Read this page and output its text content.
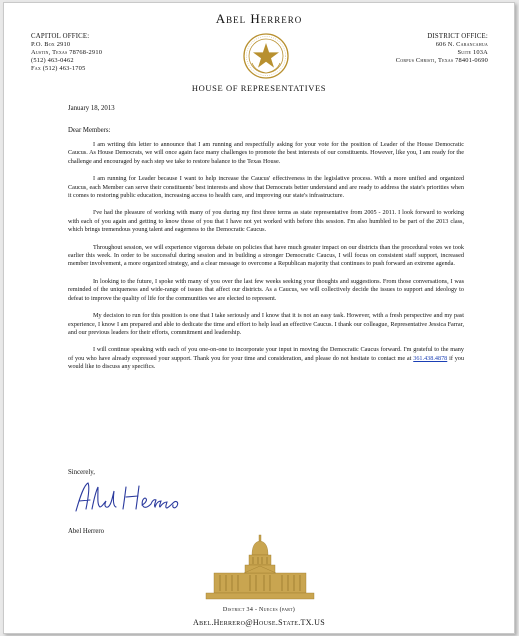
Abel Herrero
CAPITOL OFFICE:
P.O. Box 2910
Austin, Texas 78768-2910
(512) 463-0462
Fax (512) 463-1705
DISTRICT OFFICE:
606 N. Carancahua
Suite 103A
Corpus Christi, Texas 78401-0690
HOUSE OF REPRESENTATIVES
January 18, 2013
Dear Members:

I am writing this letter to announce that I am running and respectfully asking for your vote for the position of Leader of the House Democratic Caucus. As House Democrats, we will once again face many challenges to promote the best interests of our constituents. However, like you, I am ready for the challenge and encouraged by each step we take to restore balance to the Texas House.

I am running for Leader because I want to help increase the Caucus' effectiveness in the legislative process. With a more unified and organized Caucus, each Member can serve their constituents' best interests and show that Democrats better understand and are ready to address the state's priorities when it comes to restoring public education, increasing access to health care, and improving our state's infrastructure.

I've had the pleasure of working with many of you during my first three terms as state representative from 2005 - 2011. I look forward to working with each of you again and getting to know those of you that I have not yet worked with before this session. I'm also humbled to be part of the 2013 class, which brings tremendous young talent and eagerness to the Democratic Caucus.

Throughout session, we will experience vigorous debate on policies that have much greater impact on our districts than the procedural votes we took earlier this week. In order to be successful during session and in building a stronger Democratic Caucus, I will focus on consistent staff support, increased member involvement, a more organized strategy, and a clear message to overcome a Republican majority that continues to push forward an extreme agenda.

In looking to the future, I spoke with many of you over the last few weeks seeking your thoughts and suggestions. From those conversations, I was reminded of the uniqueness and wide-range of issues that affect our districts. As a Caucus, we will collectively decide the issues to support and ideology to defeat to improve the quality of life for the communities we are elected to represent.

My decision to run for this position is one that I take seriously and I know that it is not an easy task. However, with a fresh perspective and my past experience, I know I am prepared and able to dedicate the time and effort to help lead an effective Caucus. I thank our colleague, Representative Jessica Farrar, and our previous leaders for their efforts, commitment and leadership.

I will continue speaking with each of you one-on-one to incorporate your input in moving the Democratic Caucus forward. I'm grateful to the many of you who have already expressed your support. Thank you for your time and consideration, and please do not hesitate to contact me at 361.438.4878 if you would like to discuss any specifics.

Sincerely,
Abel Herrero
District 34 - Nueces (part)
Abel.Herrero@House.State.TX.US
